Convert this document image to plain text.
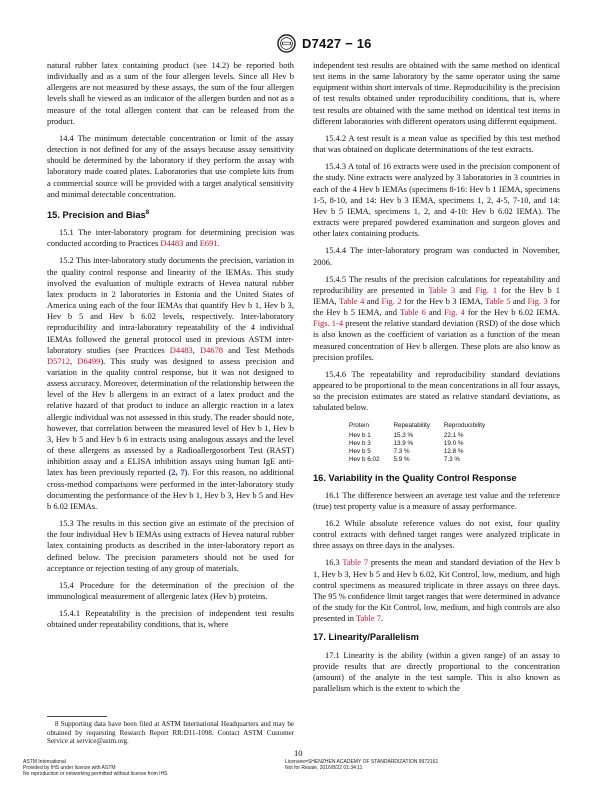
D7427 − 16

natural rubber latex containing product (see 14.2) be reported both individually and as a sum of the four allergen levels. Since all Hev b allergens are not measured by these assays, the sum of the four allergen levels shall be viewed as an indicator of the allergen burden and not as a measure of the total allergen content that can be released from the product.

14.4 The minimum detectable concentration or limit of the assay detection is not defined for any of the assays because assay sensitivity should be determined by the laboratory if they perform the assay with laboratory made coated plates. Laboratories that use complete kits from a commercial source will be provided with a target analytical sensitivity and minimal detectable concentration.

15. Precision and Bias$^8$

15.1 The inter-laboratory program for determining precision was conducted according to Practices D4483 and E691.

15.2 This inter-laboratory study documents the precision, variation in the quality control response and linearity of the IEMAs. This study involved the evaluation of multiple extracts of Hevea natural rubber latex products in 2 laboratories in Estonia and the United States of America using each of the four IEMAs that quantify Hev b 1, Hev b 3, Hev b 5 and Hev b 6.02 levels, respectively. Inter-laboratory reproducibility and intra-laboratory repeatability of the 4 individual IEMAs followed the general protocol used in previous ASTM inter-laboratory studies (see Practices D4483, D4678 and Test Methods D5712, D6499). This study was designed to assess precision and variation in the quality control response, but it was not designed to assess accuracy. Moreover, determination of the relationship between the level of the Hev b allergens in an extract of a latex product and the relative hazard of that product to induce an allergic reaction in a latex allergic individual was not assessed in this study. The reader should note, however, that correlation between the measured level of Hev b 1, Hev b 3, Hev b 5 and Hev b 6 in extracts using analogous assays and the level of these allergens as assessed by a Radioallergosorbent Test (RAST) inhibition assay and a ELISA inhibition assays using human IgE anti-latex has been previously reported (2, 7). For this reason, no additional cross-method comparisons were performed in the inter-laboratory study documenting the performance of the Hev b 1, Hev b 3, Hev b 5 and Hev b 6.02 IEMAs.

15.3 The results in this section give an estimate of the precision of the four individual Hev b IEMAs using extracts of Hevea natural rubber latex containing products as described in the inter-laboratory report as defined below. The precision parameters should not be used for acceptance or rejection testing of any group of materials.

15.4 Procedure for the determination of the precision of the immunological measurement of allergenic latex (Hev b) proteins.

15.4.1 Repeatability is the precision of independent test results obtained under repeatability conditions, that is, where

8 Supporting data have been filed at ASTM International Headquarters and may be obtained by requesting Research Report RR:D11-1098. Contact ASTM Customer Service at service@astm.org.

independent test results are obtained with the same method on identical test items in the same laboratory by the same operator using the same equipment within short intervals of time. Reproducibility is the precision of test results obtained under reproducibility conditions, that is, where test results are obtained with the same method on identical test items in different laboratories with different operators using different equipment.

15.4.2 A test result is a mean value as specified by this test method that was obtained on duplicate determinations of the test extracts.

15.4.3 A total of 16 extracts were used in the precision component of the study. Nine extracts were analyzed by 3 laboratories in 3 countries in each of the 4 Hev b IEMAs (specimens 8-16: Hev b 1 IEMA, specimens 1-5, 8-10, and 14: Hev b 3 IEMA, specimens 1, 2, 4-5, 7-10, and 14: Hev b 5 IEMA, specimens 1, 2, and 4-10: Hev b 6.02 IEMA). The extracts were prepared powdered examination and surgeon gloves and other latex containing products.

15.4.4 The inter-laboratory program was conducted in November, 2006.

15.4.5 The results of the precision calculations for repeatability and reproducibility are presented in Table 3 and Fig. 1 for the Hev b 1 IEMA, Table 4 and Fig. 2 for the Hev b 3 IEMA, Table 5 and Fig. 3 for the Hev b 5 IEMA, and Table 6 and Fig. 4 for the Hev b 6.02 IEMA. Figs. 1-4 present the relative standard deviation (RSD) of the dose which is also known as the coefficient of variation as a function of the mean measured concentration of Hev b allergen. These plots are also know as precision profiles.

15.4.6 The repeatability and reproducibility standard deviations appeared to be proportional to the mean concentrations in all four assays, so the precision estimates are stated as relative standard deviations, as tabulated below.

Protein	Repeatability	Reproducibility
Hev b 1	15.3 %	22.1 %
Hev b 3	13.9 %	19.0 %
Hev b 5	7.3 %	12.8 %
Hev b 6.02	5.9 %	7.3 %
16. Variability in the Quality Control Response

16.1 The difference between an average test value and the reference (true) test property value is a measure of assay performance.

16.2 While absolute reference values do not exist, four quality control extracts with defined target ranges were analyzed triplicate in three assays on three days in the analyses.

16.3 Table 7 presents the mean and standard deviation of the Hev b 1, Hev b 3, Hev b 5 and Hev b 6.02, Kit Control, low, medium, and high control specimens as measured triplicate in three assays on three days. The 95 % confidence limit target ranges that were determined in advance of the study for the Kit Control, low, medium, and high controls are also presented in Table 7.

17. Linearity/Parallelism

17.1 Linearity is the ability (within a given range) of an assay to provide results that are directly proportional to the concentration (amount) of the analyte in the test sample. This is also known as parallelism which is the extent to which the

10
ASTM International
Provided by IHS under license with ASTM
No reproduction or networking permitted without license from IHS
Licensee=SHENZHEN ACADEMY OF STANDARDIZATION 9972161
Not for Resale, 2016/8/22 01:34:11
